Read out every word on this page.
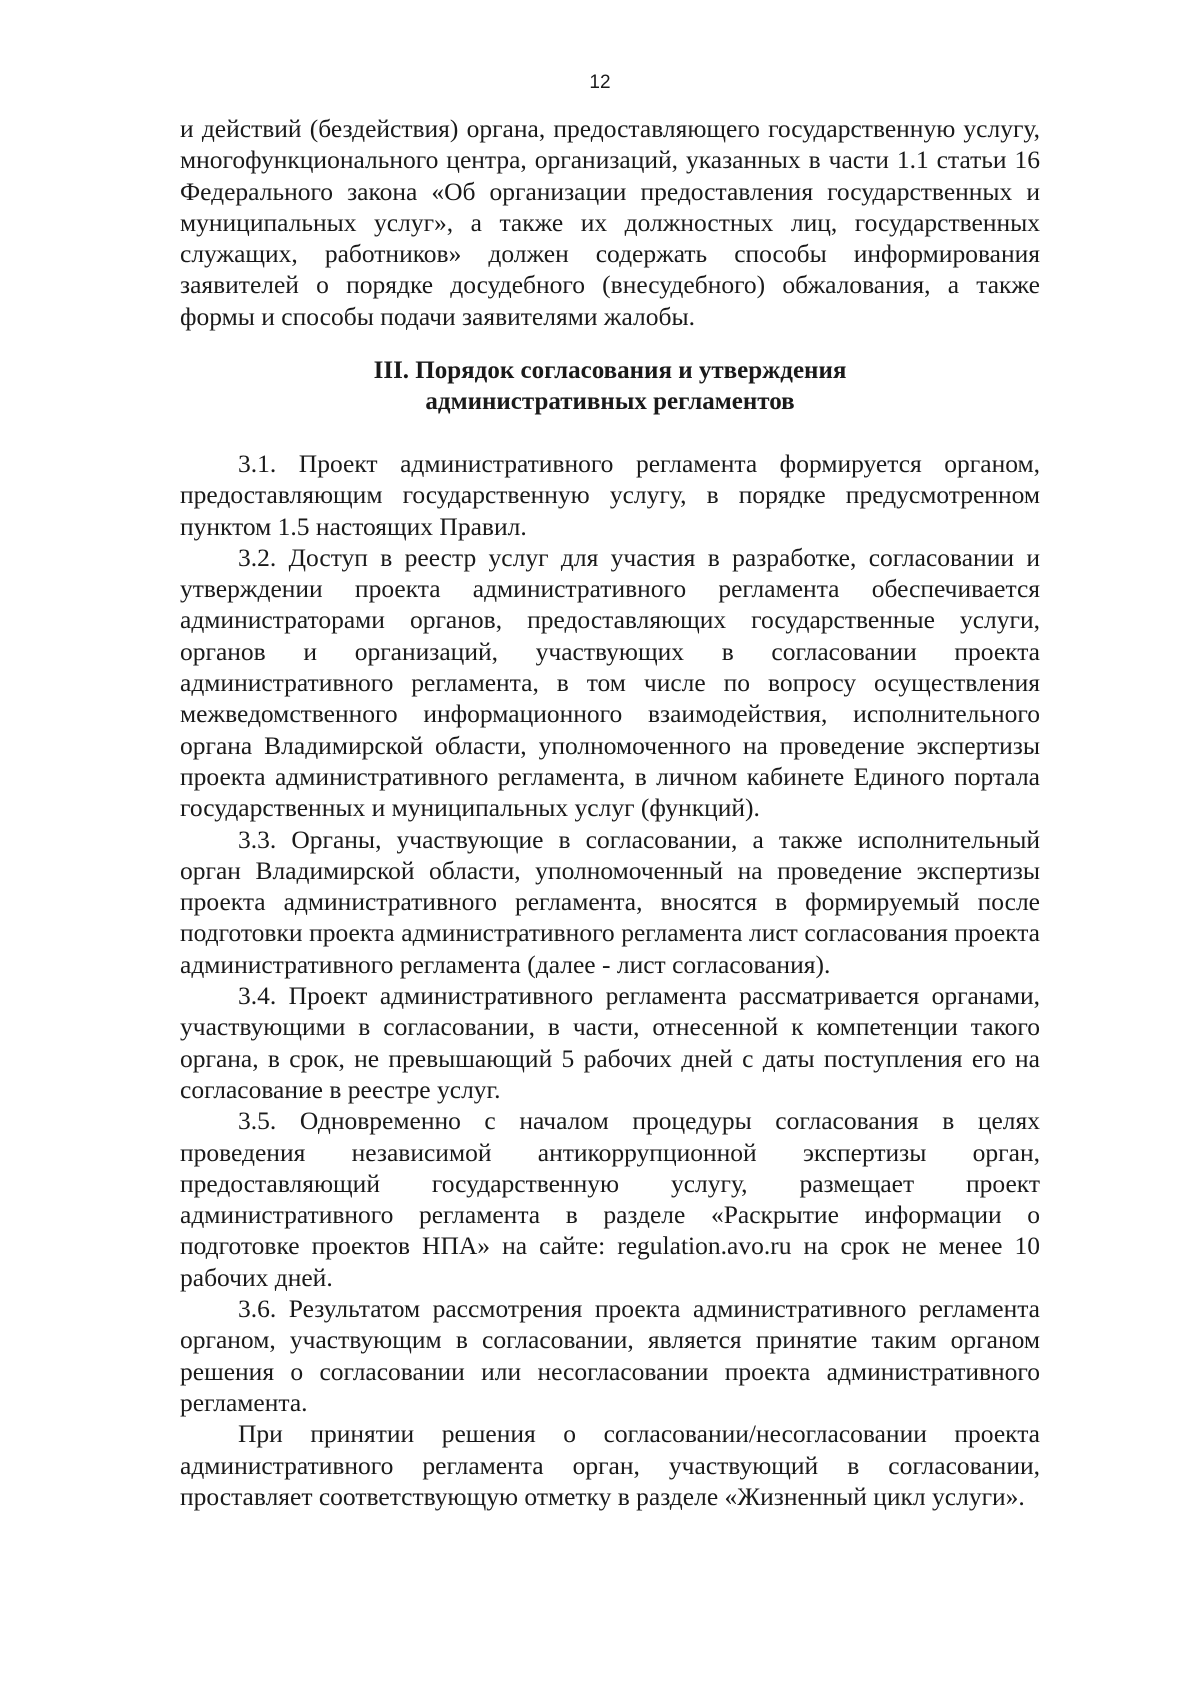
12

и действий (бездействия) органа, предоставляющего государственную услугу, многофункционального центра, организаций, указанных в части 1.1 статьи 16 Федерального закона «Об организации предоставления государственных и муниципальных услуг», а также их должностных лиц, государственных служащих, работников» должен содержать способы информирования заявителей о порядке досудебного (внесудебного) обжалования, а также формы и способы подачи заявителями жалобы.

III. Порядок согласования и утверждения
административных регламентов

3.1. Проект административного регламента формируется органом, предоставляющим государственную услугу, в порядке предусмотренном пунктом 1.5 настоящих Правил.

3.2. Доступ в реестр услуг для участия в разработке, согласовании и утверждении проекта административного регламента обеспечивается администраторами органов, предоставляющих государственные услуги, органов и организаций, участвующих в согласовании проекта административного регламента, в том числе по вопросу осуществления межведомственного информационного взаимодействия, исполнительного органа Владимирской области, уполномоченного на проведение экспертизы проекта административного регламента, в личном кабинете Единого портала государственных и муниципальных услуг (функций).

3.3. Органы, участвующие в согласовании, а также исполнительный орган Владимирской области, уполномоченный на проведение экспертизы проекта административного регламента, вносятся в формируемый после подготовки проекта административного регламента лист согласования проекта административного регламента (далее - лист согласования).

3.4. Проект административного регламента рассматривается органами, участвующими в согласовании, в части, отнесенной к компетенции такого органа, в срок, не превышающий 5 рабочих дней с даты поступления его на согласование в реестре услуг.

3.5. Одновременно с началом процедуры согласования в целях проведения независимой антикоррупционной экспертизы орган, предоставляющий государственную услугу, размещает проект административного регламента в разделе «Раскрытие информации о подготовке проектов НПА» на сайте: regulation.avo.ru на срок не менее 10 рабочих дней.

3.6. Результатом рассмотрения проекта административного регламента органом, участвующим в согласовании, является принятие таким органом решения о согласовании или несогласовании проекта административного регламента.

При принятии решения о согласовании/несогласовании проекта административного регламента орган, участвующий в согласовании, проставляет соответствующую отметку в разделе «Жизненный цикл услуги».
